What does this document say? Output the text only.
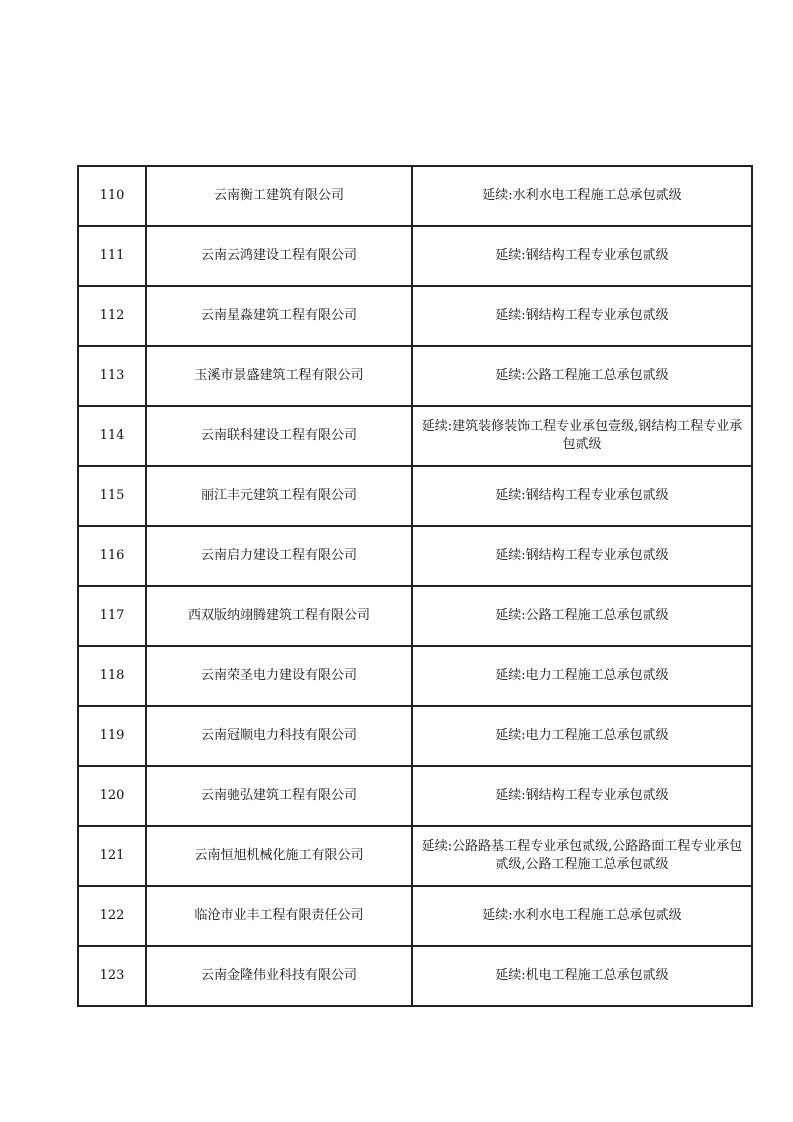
110	云南衡工建筑有限公司	延续:水利水电工程施工总承包贰级
111	云南云鸿建设工程有限公司	延续:钢结构工程专业承包贰级
112	云南星淼建筑工程有限公司	延续:钢结构工程专业承包贰级
113	玉溪市景盛建筑工程有限公司	延续:公路工程施工总承包贰级
114	云南联科建设工程有限公司	延续:建筑装修装饰工程专业承包壹级,钢结构工程专业承包贰级
115	丽江丰元建筑工程有限公司	延续:钢结构工程专业承包贰级
116	云南启力建设工程有限公司	延续:钢结构工程专业承包贰级
117	西双版纳翊腾建筑工程有限公司	延续:公路工程施工总承包贰级
118	云南荣圣电力建设有限公司	延续:电力工程施工总承包贰级
119	云南冠顺电力科技有限公司	延续:电力工程施工总承包贰级
120	云南驰弘建筑工程有限公司	延续:钢结构工程专业承包贰级
121	云南恒旭机械化施工有限公司	延续:公路路基工程专业承包贰级,公路路面工程专业承包贰级,公路工程施工总承包贰级
122	临沧市业丰工程有限责任公司	延续:水利水电工程施工总承包贰级
123	云南金隆伟业科技有限公司	延续:机电工程施工总承包贰级
